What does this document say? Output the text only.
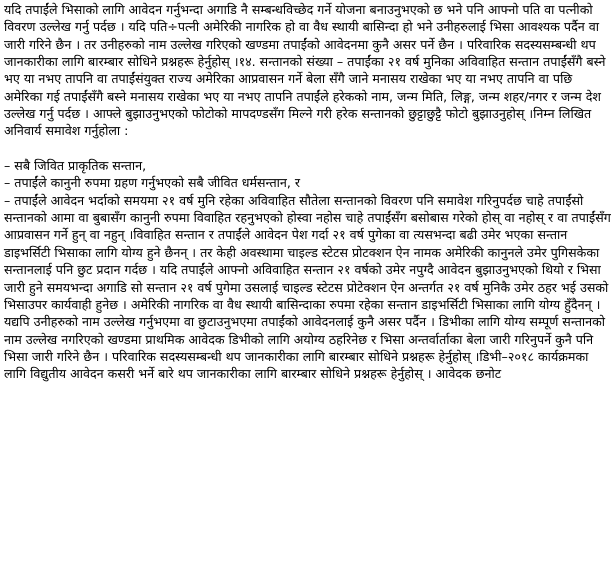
यदि तपाईंले भिसाको लागि आवेदन गर्नुभन्दा अगाडि नै सम्बन्धविच्छेद गर्ने योजना बनाउनुभएको छ भने पनि आफ्नो पति वा पत्नीको विवरण उल्लेख गर्नु पर्दछ । यदि पति÷पत्नी अमेरिकी नागरिक हो वा वैध स्थायी बासिन्दा हो भने उनीहरुलाई भिसा आवश्यक पर्दैन वा जारी गरिने छैन । तर उनीहरुको नाम उल्लेख गरिएको खण्डमा तपाईंको आवेदनमा कुनै असर पर्ने छैन । परिवारिक सदस्यसम्बन्धी थप जानकारीका लागि बारम्बार सोधिने प्रश्नहरू हेर्नुहोस् ।१४. सन्तानको संख्या – तपाईंका २१ वर्ष मुनिका अविवाहित सन्तान तपाईंसँगै बस्ने भए या नभए तापनि वा तपाईंसंयुक्त राज्य अमेरिका आप्रवासन गर्ने बेला सँगै जाने मनासय राखेका भए या नभए तापनि वा पछि अमेरिका गई तपाईंसँगै बस्ने मनासय राखेका भए या नभए तापनि तपाईंले हरेकको नाम, जन्म मिति, लिङ्ग, जन्म शहर/नगर र जन्म देश उल्लेख गर्नु पर्दछ । आफ्ले बुझाउनुभएको फोटोको मापदण्डसँग मिल्ने गरी हरेक सन्तानको छुट्टाछुट्टै फोटो बुझाउनुहोस् ।निम्न लिखित अनिवार्य समावेश गर्नुहोला :

– सबै जिवित प्राकृतिक सन्तान,

– तपाईंले कानुनी रुपमा ग्रहण गर्नुभएको सबै जीवित धर्मसन्तान, र

– तपाईंले आवेदन भर्दाको समयमा २१ वर्ष मुनि रहेका अविवाहित सौतेला सन्तानको विवरण पनि समावेश गरिनुपर्दछ चाहे तपाईंसो सन्तानको आमा वा बुबासँग कानुनी रुपमा विवाहित रहनुभएको होस्वा नहोस चाहे तपाईंसँग बसोबास गरेको होस् वा नहोस् र वा तपाईंसँग आप्रवासन गर्ने हुन् वा नहुन् ।विवाहित सन्तान र तपाईंले आवेदन पेश गर्दा २१ वर्ष पुगेका वा त्यसभन्दा बढी उमेर भएका सन्तान डाइभर्सिटी भिसाका लागि योग्य हुने छैनन् । तर केही अवस्थामा चाइल्ड स्टेटस प्रोटक्शन ऐन नामक अमेरिकी कानुनले उमेर पुगिसकेका सन्तानलाई पनि छुट प्रदान गर्दछ । यदि तपाईंले आफ्नो अविवाहित सन्तान २१ वर्षको उमेर नपुग्दै आवेदन बुझाउनुभएको थियो र भिसा जारी हुने समयभन्दा अगाडि सो सन्तान २१ वर्ष पुगेमा उसलाई चाइल्ड स्टेटस प्रोटेक्शन ऐन अन्तर्गत २१ वर्ष मुनिकै उमेर ठहर भई उसको भिसाउपर कार्यवाही हुनेछ । अमेरिकी नागरिक वा वैध स्थायी बासिन्दाका रुपमा रहेका सन्तान डाइभर्सिटी भिसाका लागि योग्य हुँदैनन् । यद्यपि उनीहरुको नाम उल्लेख गर्नुभएमा वा छुटाउनुभएमा तपाईंको आवेदनलाई कुनै असर पर्दैन । डिभीका लागि योग्य सम्पूर्ण सन्तानको नाम उल्लेख नगरिएको खण्डमा प्राथमिक आवेदक डिभीको लागि अयोग्य ठहरिनेछ र भिसा अन्तर्वार्ताका बेला जारी गरिनुपर्ने कुनै पनि भिसा जारी गरिने छैन । परिवारिक सदस्यसम्बन्धी थप जानकारीका लागि बारम्बार सोधिने प्रश्नहरू हेर्नुहोस् ।डिभी–२०१८ कार्यक्रमका लागि विद्युतीय आवेदन कसरी भर्ने बारे थप जानकारीका लागि बारम्बार सोधिने प्रश्नहरू हेर्नुहोस् । आवेदक छनोट
